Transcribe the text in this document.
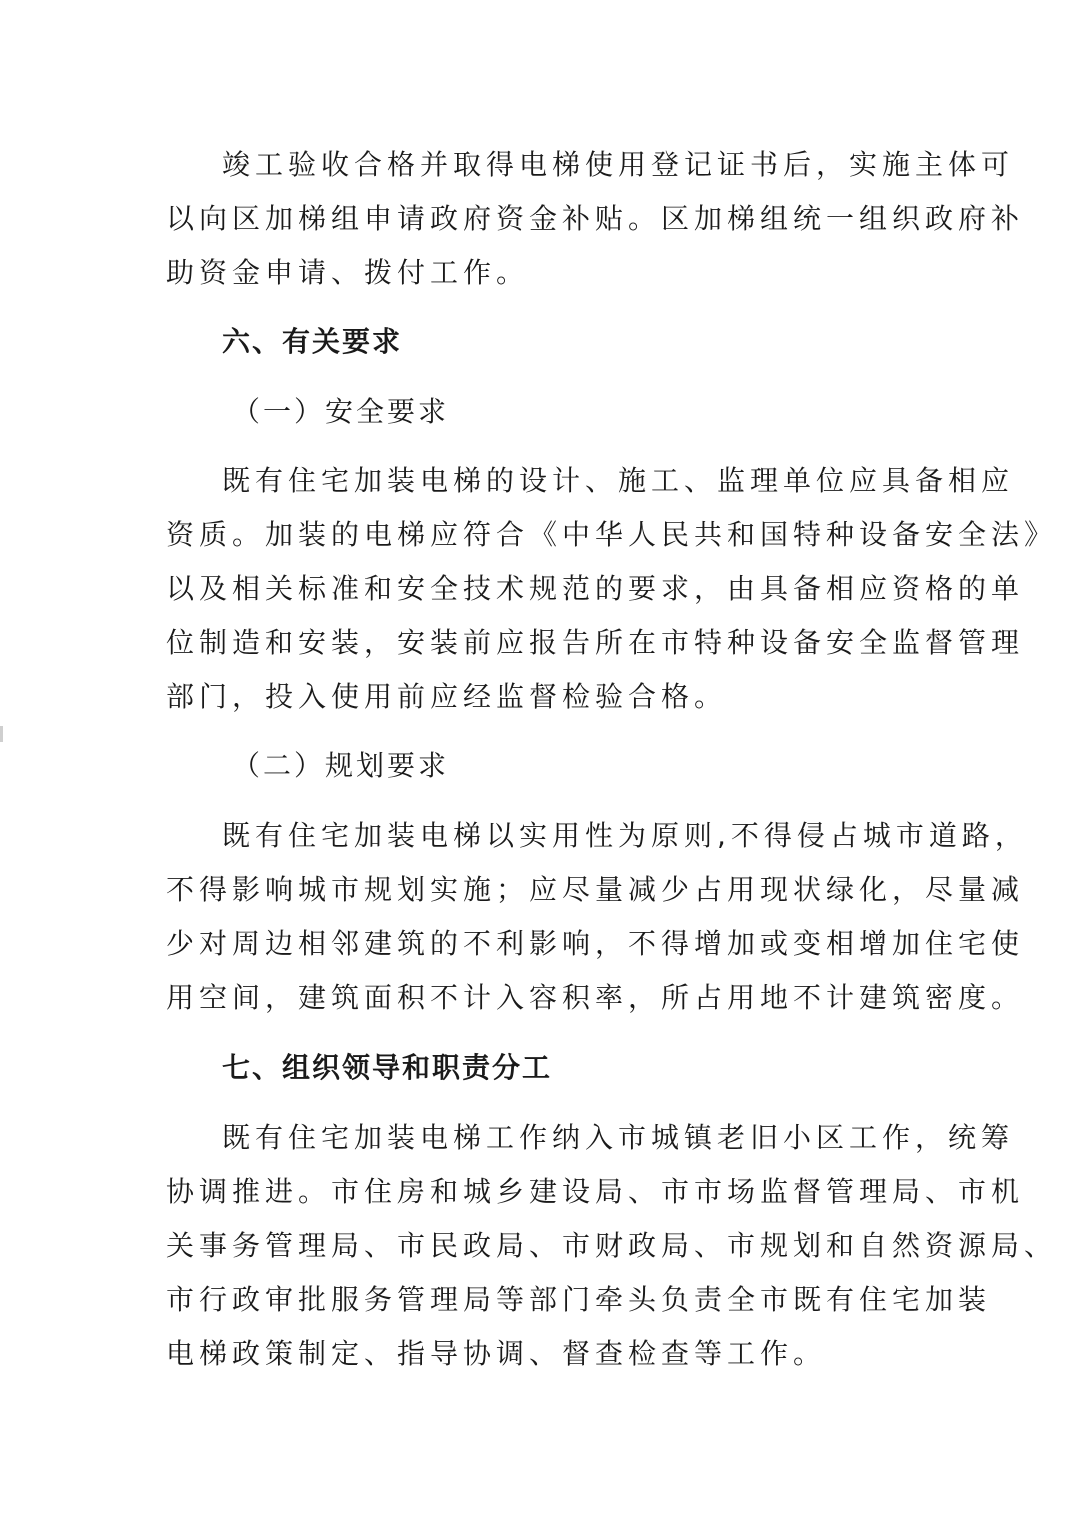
竣工验收合格并取得电梯使用登记证书后，实施主体可
以向区加梯组申请政府资金补贴。区加梯组统一组织政府补
助资金申请、拨付工作。
六、有关要求
（一）安全要求
既有住宅加装电梯的设计、施工、监理单位应具备相应
资质。加装的电梯应符合《中华人民共和国特种设备安全法》
以及相关标准和安全技术规范的要求，由具备相应资格的单
位制造和安装，安装前应报告所在市特种设备安全监督管理
部门，投入使用前应经监督检验合格。
（二）规划要求
既有住宅加装电梯以实用性为原则,不得侵占城市道路，
不得影响城市规划实施；应尽量减少占用现状绿化，尽量减
少对周边相邻建筑的不利影响，不得增加或变相增加住宅使
用空间，建筑面积不计入容积率，所占用地不计建筑密度。
七、组织领导和职责分工
既有住宅加装电梯工作纳入市城镇老旧小区工作，统筹
协调推进。市住房和城乡建设局、市市场监督管理局、市机
关事务管理局、市民政局、市财政局、市规划和自然资源局、
市行政审批服务管理局等部门牵头负责全市既有住宅加装
电梯政策制定、指导协调、督查检查等工作。
